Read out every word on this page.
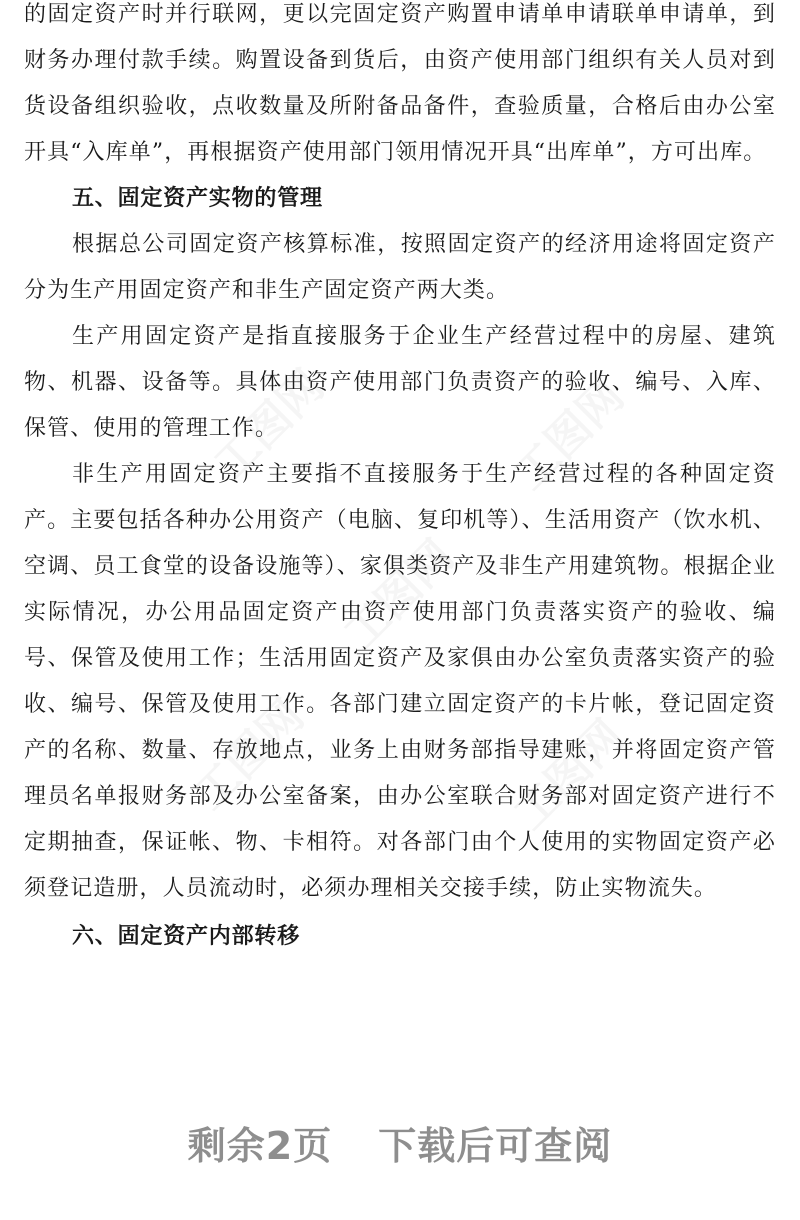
的固定资产时并行联网，更以完固定资产购置申请单申请联单申请单，到财务办理付款手续。购置设备到货后，由资产使用部门组织有关人员对到货设备组织验收，点收数量及所附备品备件，查验质量，合格后由办公室开具“入库单”，再根据资产使用部门领用情况开具“出库单”，方可出库。

五、固定资产实物的管理

根据总公司固定资产核算标准，按照固定资产的经济用途将固定资产分为生产用固定资产和非生产固定资产两大类。

生产用固定资产是指直接服务于企业生产经营过程中的房屋、建筑物、机器、设备等。具体由资产使用部门负责资产的验收、编号、入库、保管、使用的管理工作。

非生产用固定资产主要指不直接服务于生产经营过程的各种固定资产。主要包括各种办公用资产（电脑、复印机等）、生活用资产（饮水机、空调、员工食堂的设备设施等）、家俱类资产及非生产用建筑物。根据企业实际情况，办公用品固定资产由资产使用部门负责落实资产的验收、编号、保管及使用工作；生活用固定资产及家俱由办公室负责落实资产的验收、编号、保管及使用工作。各部门建立固定资产的卡片帐，登记固定资产的名称、数量、存放地点，业务上由财务部指导建账，并将固定资产管理员名单报财务部及办公室备案，由办公室联合财务部对固定资产进行不定期抽查，保证帐、物、卡相符。对各部门由个人使用的实物固定资产必须登记造册，人员流动时，必须办理相关交接手续，防止实物流失。

六、固定资产内部转移

工图网	工图网
工图网
工图网	工图网
剩余2页 下载后可查阅
